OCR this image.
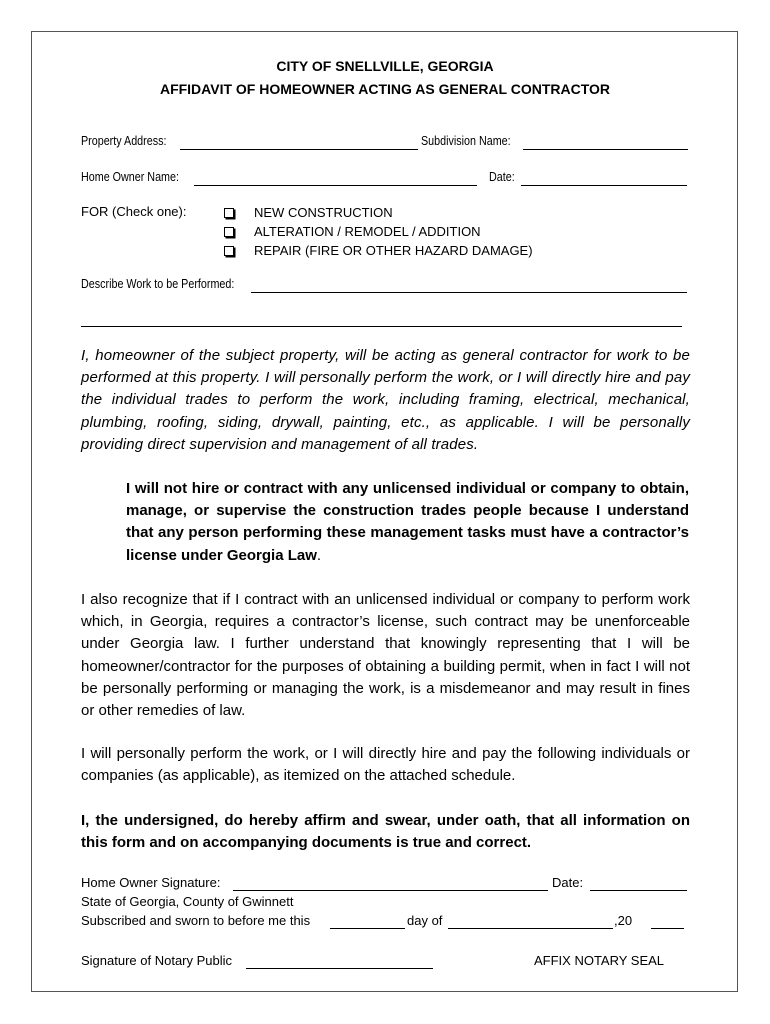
CITY OF SNELLVILLE, GEORGIA
AFFIDAVIT OF HOMEOWNER ACTING AS GENERAL CONTRACTOR
Property Address:	Subdivision Name:
Home Owner Name:	Date:
FOR (Check one):	NEW CONSTRUCTION
ALTERATION / REMODEL / ADDITION
REPAIR (FIRE OR OTHER HAZARD DAMAGE)
Describe Work to be Performed:
I, homeowner of the subject property, will be acting as general contractor for work to be performed at this property. I will personally perform the work, or I will directly hire and pay the individual trades to perform the work, including framing, electrical, mechanical, plumbing, roofing, siding, drywall, painting, etc., as applicable. I will be personally providing direct supervision and management of all trades.
I will not hire or contract with any unlicensed individual or company to obtain, manage, or supervise the construction trades people because I understand that any person performing these management tasks must have a contractor’s license under Georgia Law.
I also recognize that if I contract with an unlicensed individual or company to perform work which, in Georgia, requires a contractor’s license, such contract may be unenforceable under Georgia law. I further understand that knowingly representing that I will be homeowner/contractor for the purposes of obtaining a building permit, when in fact I will not be personally performing or managing the work, is a misdemeanor and may result in fines or other remedies of law.
I will personally perform the work, or I will directly hire and pay the following individuals or companies (as applicable), as itemized on the attached schedule.
I, the undersigned, do hereby affirm and swear, under oath, that all information on this form and on accompanying documents is true and correct.
Home Owner Signature:	Date:
State of Georgia, County of Gwinnett
Subscribed and sworn to before me this	day of	,20
Signature of Notary Public	AFFIX NOTARY SEAL
